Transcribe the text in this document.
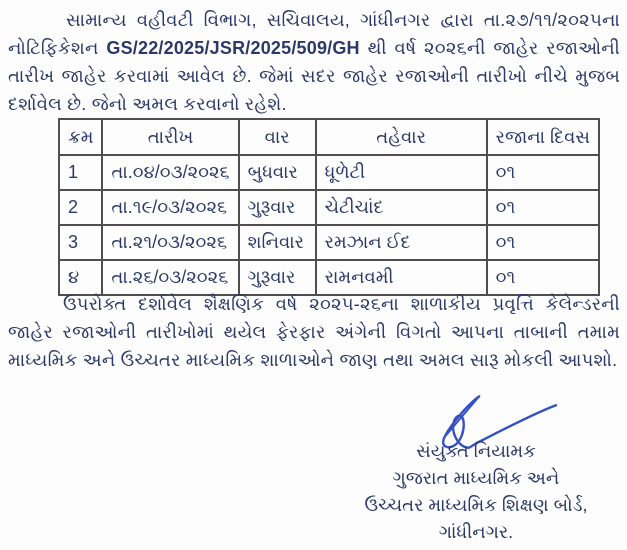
સામાન્ય વહીવટી વિભાગ, સચિવાલય, ગાંધીનગર દ્વારા તા.૨૭/૧૧/૨૦૨૫ના નોટિફિકેશન GS/22/2025/JSR/2025/509/GH થી વર્ષ ૨૦૨૬ની જાહેર રજાઓની તારીખ જાહેર કરવામાં આવેલ છે. જેમાં સદર જાહેર રજાઓની તારીખો નીચે મુજબ દર્શાવેલ છે. જેનો અમલ કરવાનો રહેશે.
ક્રમ	તારીખ	વાર	તહેવાર	રજાના દિવસ
1	તા.૦૪/૦૩/૨૦૨૬	બુધવાર	ધૂળેટી	૦૧
2	તા.૧૯/૦૩/૨૦૨૬	ગુરૂવાર	ચેટીચાંદ	૦૧
3	તા.૨૧/૦૩/૨૦૨૬	શનિવાર	રમઝાન ઈદ	૦૧
૪	તા.૨૬/૦૩/૨૦૨૬	ગુરૂવાર	રામનવમી	૦૧
ઉપરોક્ત દર્શાવેલ શૈક્ષણિક વર્ષ ૨૦૨૫-૨૬ના શાળાકીય પ્રવૃત્તિ કેલેન્ડરની જાહેર રજાઓની તારીખોમાં થયેલ ફેરફાર અંગેની વિગતો આપના તાબાની તમામ માધ્યમિક અને ઉચ્ચતર માધ્યમિક શાળાઓને જાણ તથા અમલ સારૂ મોકલી આપશો.
સંયુક્ત નિયામક
ગુજરાત માધ્યમિક અને
ઉચ્ચતર માધ્યમિક શિક્ષણ બોર્ડ,
ગાંધીનગર.
